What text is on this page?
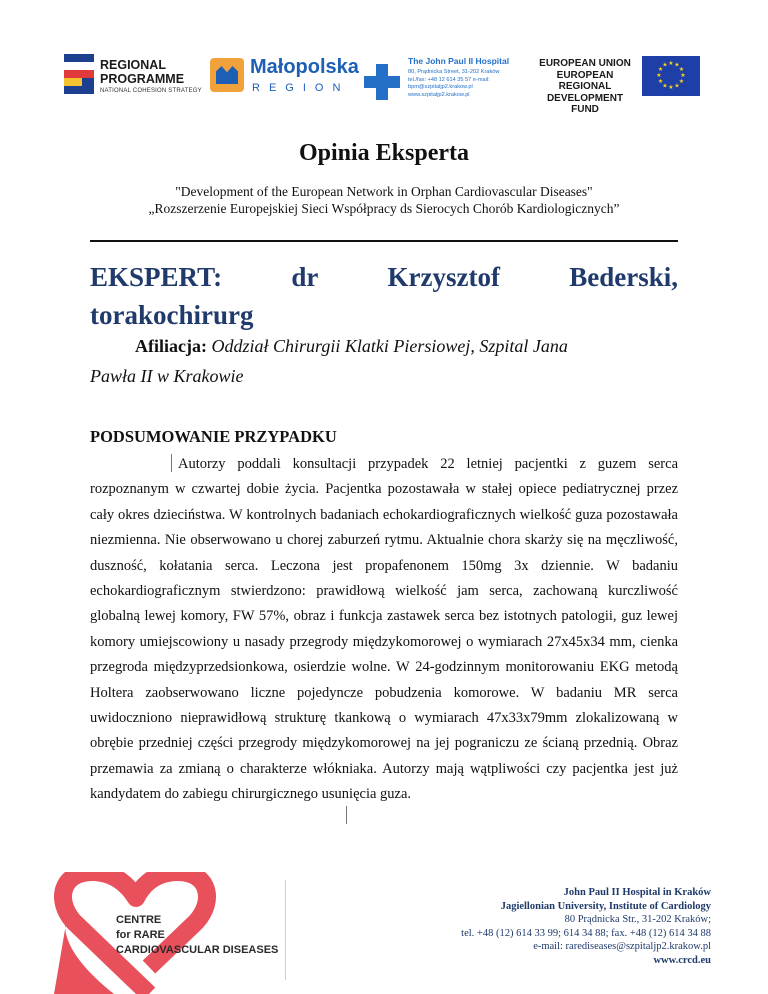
REGIONAL
PROGRAMME
NATIONAL COHESION STRATEGY
Małopolska
REGION
The John Paul II Hospital
80, Prądnicka Street, 31-202 Kraków
tel./fax: +48 12 614 35 57 e-mail:
bpm@szpitaljp2.krakow.pl
www.szpitaljp2.krakow.pl
EUROPEAN UNION
EUROPEAN REGIONAL
DEVELOPMENT FUND
★ ★
★
★
★
★
★
★
★
★
★
★
Opinia Eksperta
"Development of the European Network in Orphan Cardiovascular Diseases"
„Rozszerzenie Europejskiej Sieci Współpracy ds Sierocych Chorób Kardiologicznych”
EKSPERT:	dr	Krzysztof	Bederski,
torakochirurg
Afiliacja: Oddział Chirurgii Klatki Piersiowej, Szpital Jana
Pawła II w Krakowie
PODSUMOWANIE PRZYPADKU

Autorzy poddali konsultacji przypadek 22 letniej pacjentki z guzem serca rozpoznanym w czwartej dobie życia. Pacjentka pozostawała w stałej opiece pediatrycznej przez cały okres dzieciństwa. W kontrolnych badaniach echokardiograficznych wielkość guza pozostawała niezmienna. Nie obserwowano u chorej zaburzeń rytmu. Aktualnie chora skarży się na męczliwość, duszność, kołatania serca. Leczona jest propafenonem 150mg 3x dziennie. W badaniu echokardiograficznym stwierdzono: prawidłową wielkość jam serca, zachowaną kurczliwość globalną lewej komory, FW 57%, obraz i funkcja zastawek serca bez istotnych patologii, guz lewej komory umiejscowiony u nasady przegrody międzykomorowej o wymiarach 27x45x34 mm, cienka przegroda międzyprzedsionkowa, osierdzie wolne. W 24-godzinnym monitorowaniu EKG metodą Holtera zaobserwowano liczne pojedyncze pobudzenia komorowe. W badaniu MR serca uwidoczniono nieprawidłową strukturę tkankową o wymiarach 47x33x79mm zlokalizowaną w obrębie przedniej części przegrody międzykomorowej na jej pograniczu ze ścianą przednią. Obraz przemawia za zmianą o charakterze włókniaka. Autorzy mają wątpliwości czy pacjentka jest już kandydatem do zabiegu chirurgicznego usunięcia guza.

CENTRE
for RARE
CARDIOVASCULAR DISEASES
John Paul II Hospital in Kraków
Jagiellonian University, Institute of Cardiology
80 Prądnicka Str., 31-202 Kraków;
tel. +48 (12) 614 33 99; 614 34 88; fax. +48 (12) 614 34 88
e-mail: rarediseases@szpitaljp2.krakow.pl
www.crcd.eu
